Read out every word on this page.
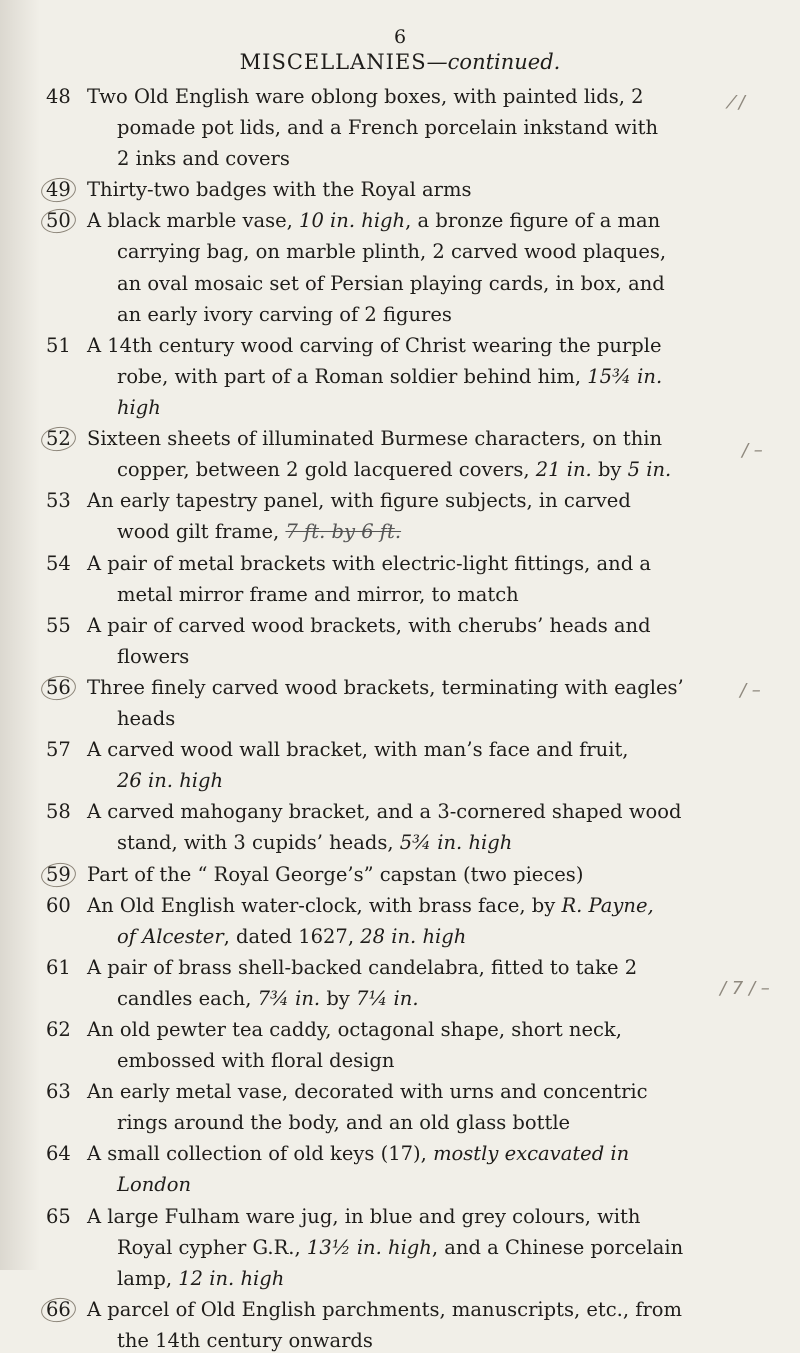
6
MISCELLANIES—continued.
48 Two Old English ware oblong boxes, with painted lids, 2
pomade pot lids, and a French porcelain inkstand with
2 inks and covers
49 Thirty-two badges with the Royal arms
50 A black marble vase, 10 in. high, a bronze figure of a man
carrying bag, on marble plinth, 2 carved wood plaques,
an oval mosaic set of Persian playing cards, in box, and
an early ivory carving of 2 figures
51 A 14th century wood carving of Christ wearing the purple
robe, with part of a Roman soldier behind him, 15¾ in.
high
52 Sixteen sheets of illuminated Burmese characters, on thin
copper, between 2 gold lacquered covers, 21 in. by 5 in.
53 An early tapestry panel, with figure subjects, in carved
wood gilt frame, 7 ft. by 6 ft.
54 A pair of metal brackets with electric-light fittings, and a
metal mirror frame and mirror, to match
55 A pair of carved wood brackets, with cherubs’ heads and
flowers
56 Three finely carved wood brackets, terminating with eagles’
heads
57 A carved wood wall bracket, with man’s face and fruit,
26 in. high
58 A carved mahogany bracket, and a 3-cornered shaped wood
stand, with 3 cupids’ heads, 5¾ in. high
59 Part of the “ Royal George’s” capstan (two pieces)
60 An Old English water-clock, with brass face, by R. Payne,
of Alcester, dated 1627, 28 in. high
61 A pair of brass shell-backed candelabra, fitted to take 2
candles each, 7¾ in. by 7¼ in.
62 An old pewter tea caddy, octagonal shape, short neck,
embossed with floral design
63 An early metal vase, decorated with urns and concentric
rings around the body, and an old glass bottle
64 A small collection of old keys (17), mostly excavated in
London
65 A large Fulham ware jug, in blue and grey colours, with
Royal cypher G.R., 13½ in. high, and a Chinese porcelain
lamp, 12 in. high
66 A parcel of Old English parchments, manuscripts, etc., from
the 14th century onwards
⁄ /
/ –
/ –
/ 7 / –
